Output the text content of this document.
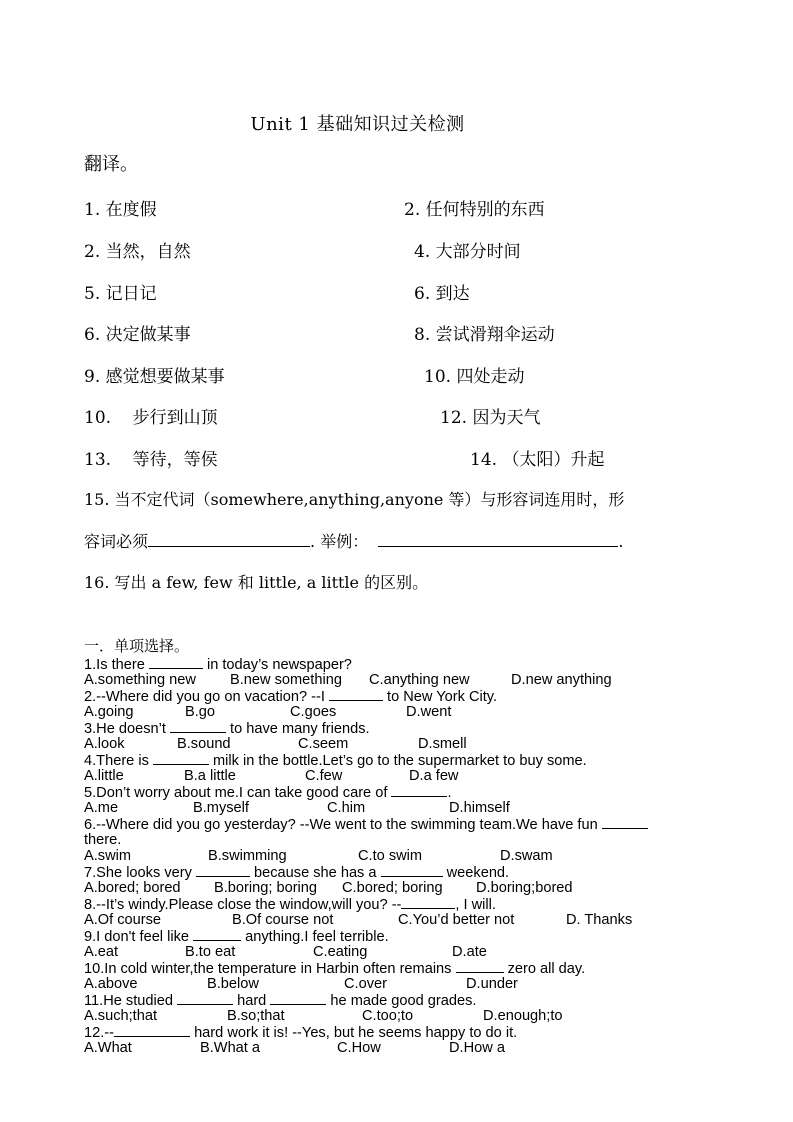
Unit 1 基础知识过关检测
翻译。
1. 在度假	2. 任何特别的东西
2. 当然，自然	4. 大部分时间
5. 记日记	6. 到达
6. 决定做某事	8. 尝试滑翔伞运动
9. 感觉想要做某事	10. 四处走动
10.    步行到山顶	12. 因为天气
13.    等待，等侯	14. （太阳）升起
15. 当不定代词（somewhere,anything,anyone 等）与形容词连用时，形
容词必须	. 举例：	.
16. 写出 a few, few 和 little, a little 的区别。
一．单项选择。
1.Is there	in today’s newspaper?
A.something new B.new something C.anything new	D.new anything
2.--Where did you go on vacation? --I	to New York City.
A.going	B.go	C.goes	D.went
3.He doesn’t	to have many friends.
A.look	B.sound	C.seem	D.smell
4.There is	milk in the bottle.Let’s go to the supermarket to buy some.
A.little	B.a little	C.few	D.a few
5.Don’t worry about me.I can take good care of	.
A.me	B.myself	C.him	D.himself
6.--Where did you go yesterday? --We went to the swimming team.We have fun
there.
A.swim	B.swimming	C.to swim	D.swam
7.She looks very	because she has a	weekend.
A.bored; bored B.boring; boring C.bored; boring D.boring;bored
8.--It’s windy.Please close the window,will you? --	, I will.
A.Of course	B.Of course not	C.You’d better not	D. Thanks
9.I don't feel like	anything.I feel terrible.
A.eat	B.to eat	C.eating	D.ate
10.In cold winter,the temperature in Harbin often remains	zero all day.
A.above	B.below	C.over	D.under
11.He studied	hard	he made good grades.
A.such;that	B.so;that	C.too;to	D.enough;to
12.--	hard work it is! --Yes, but he seems happy to do it.
A.What	B.What a	C.How	D.How a
